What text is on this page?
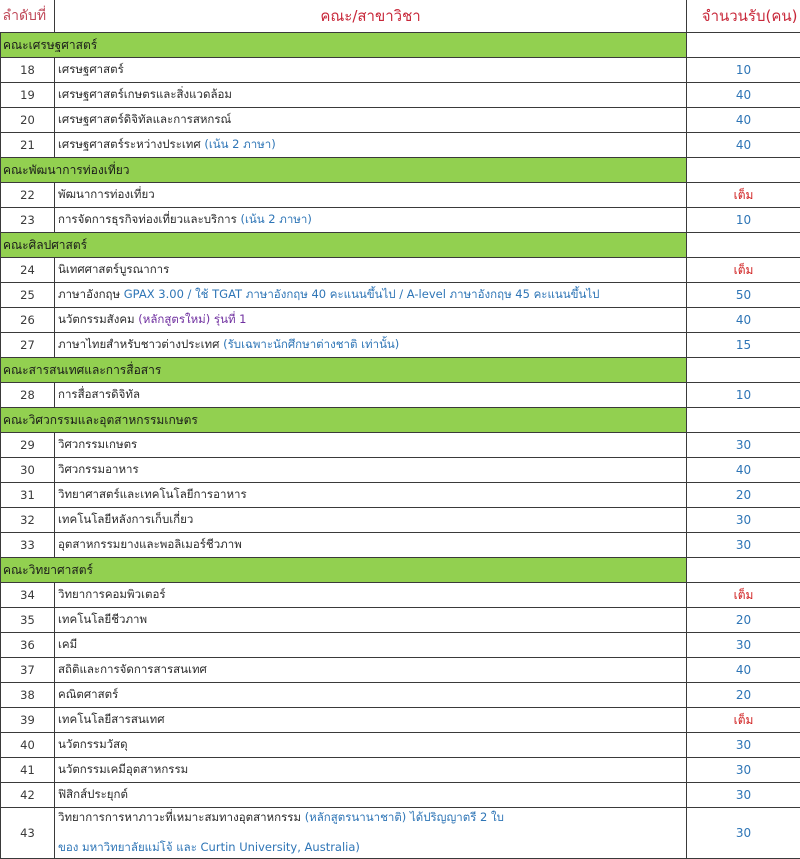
ลำดับที่	คณะ/สาขาวิชา	จำนวนรับ(คน)
คณะเศรษฐศาสตร์		
18	เศรษฐศาสตร์	10
19	เศรษฐศาสตร์เกษตรและสิ่งแวดล้อม	40
20	เศรษฐศาสตร์ดิจิทัลและการสหกรณ์	40
21	เศรษฐศาสตร์ระหว่างประเทศ (เน้น 2 ภาษา)	40
คณะพัฒนาการท่องเที่ยว		
22	พัฒนาการท่องเที่ยว	เต็ม
23	การจัดการธุรกิจท่องเที่ยวและบริการ (เน้น 2 ภาษา)	10
คณะศิลปศาสตร์		
24	นิเทศศาสตร์บูรณาการ	เต็ม
25	ภาษาอังกฤษ GPAX 3.00 / ใช้ TGAT ภาษาอังกฤษ 40 คะแนนขึ้นไป / A-level ภาษาอังกฤษ 45 คะแนนขึ้นไป	50
26	นวัตกรรมสังคม (หลักสูตรใหม่) รุ่นที่ 1	40
27	ภาษาไทยสำหรับชาวต่างประเทศ (รับเฉพาะนักศึกษาต่างชาติ เท่านั้น)	15
คณะสารสนเทศและการสื่อสาร		
28	การสื่อสารดิจิทัล	10
คณะวิศวกรรมและอุตสาหกรรมเกษตร		
29	วิศวกรรมเกษตร	30
30	วิศวกรรมอาหาร	40
31	วิทยาศาสตร์และเทคโนโลยีการอาหาร	20
32	เทคโนโลยีหลังการเก็บเกี่ยว	30
33	อุตสาหกรรมยางและพอลิเมอร์ชีวภาพ	30
คณะวิทยาศาสตร์		
34	วิทยาการคอมพิวเตอร์	เต็ม
35	เทคโนโลยีชีวภาพ	20
36	เคมี	30
37	สถิติและการจัดการสารสนเทศ	40
38	คณิตศาสตร์	20
39	เทคโนโลยีสารสนเทศ	เต็ม
40	นวัตกรรมวัสดุ	30
41	นวัตกรรมเคมีอุตสาหกรรม	30
42	ฟิสิกส์ประยุกต์	30
43	วิทยาการการหาภาวะที่เหมาะสมทางอุตสาหกรรม (หลักสูตรนานาชาติ) ได้ปริญญาตรี 2 ใบ
ของ มหาวิทยาลัยแม่โจ้ และ Curtin University, Australia)	30
